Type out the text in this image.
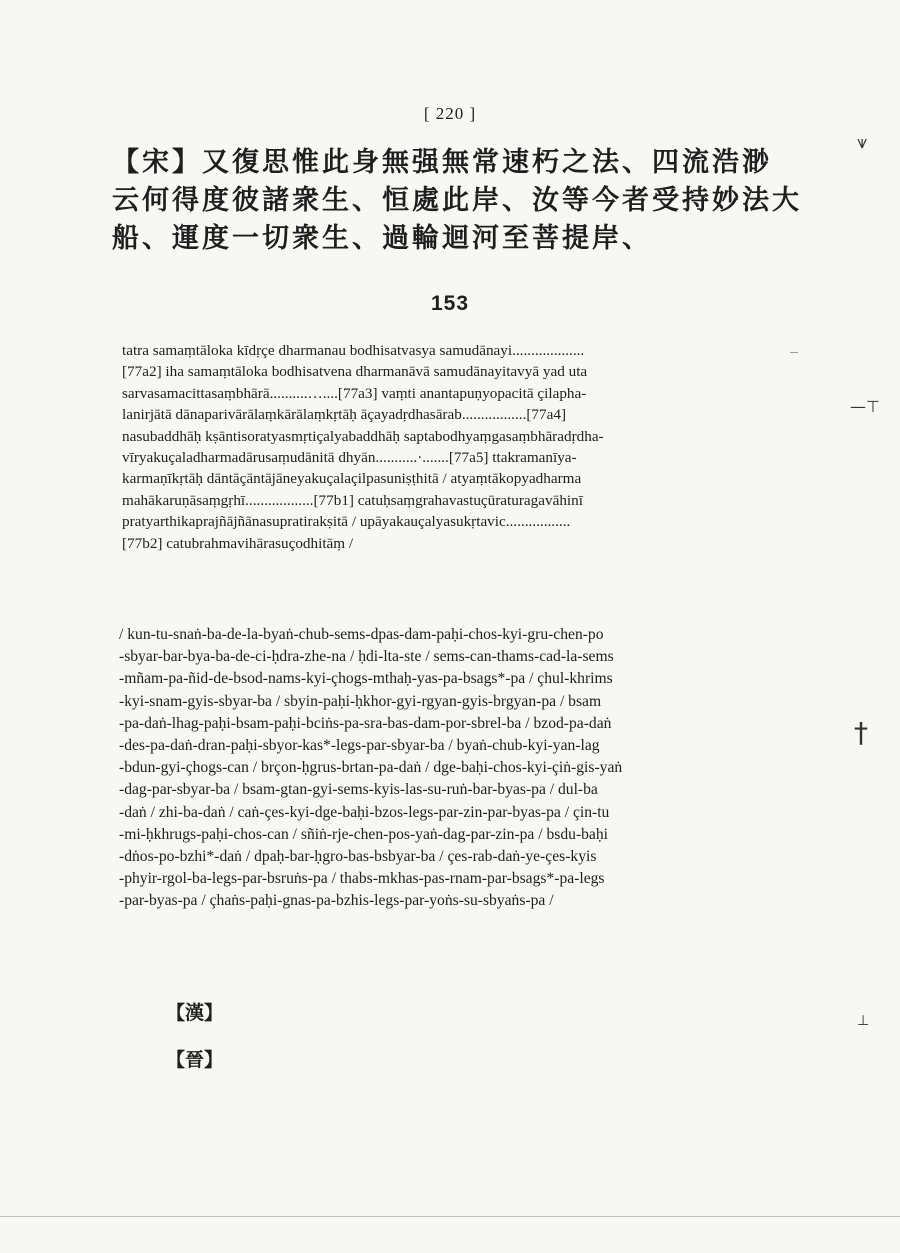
[ 220 ]
【宋】又復思惟此身無强無常速朽之法、四流浩渺
云何得度彼諸衆生、恒處此岸、汝等今者受持妙法大
船、運度一切衆生、過輪迴河至菩提岸、
153
tatra samaṃtāloka kīdṛçe dharmanau bodhisatvasya samudānayi...................
[77a2] iha samaṃtāloka bodhisatvena dharmanāvā samudānayitavyā yad uta
sarvasamacittasaṃbhārā..........…....[77a3] vaṃti anantapuṇyopacitā çilapha-
lanirjātā dānaparivārālaṃkārālaṃkṛtāḥ āçayadṛdhasārab.................[77a4]
nasubaddhāḥ kṣāntisoratyasmṛtiçalyabaddhāḥ saptabodhyaṃgasaṃbhāradṛdha-
vīryakuçaladharmadārusaṃudānitā dhyān...........·.......[77a5] ttakramanīya-
karmaṇīkṛtāḥ dāntāçāntājāneyakuçalaçilpasuniṣṭhitā / atyaṃtākopyadharma
mahākaruṇāsaṃgṛhī..................[77b1] catuḥsaṃgrahavastuçūraturagavāhinī
pratyarthikaprajñājñānasupratirakṣitā / upāyakauçalyasukṛtavic.................
[77b2] catubrahmavihārasuçodhitāṃ /
/ kun-tu-snaṅ-ba-de-la-byaṅ-chub-sems-dpas-dam-paḥi-chos-kyi-gru-chen-po
-sbyar-bar-bya-ba-de-ci-ḥdra-zhe-na / ḥdi-lta-ste / sems-can-thams-cad-la-sems
-mñam-pa-ñid-de-bsod-nams-kyi-çhogs-mthaḥ-yas-pa-bsags*-pa / çhul-khrims
-kyi-snam-gyis-sbyar-ba / sbyin-paḥi-ḥkhor-gyi-rgyan-gyis-brgyan-pa / bsam
-pa-daṅ-lhag-paḥi-bsam-paḥi-bciṅs-pa-sra-bas-dam-por-sbrel-ba / bzod-pa-daṅ
-des-pa-daṅ-dran-paḥi-sbyor-kas*-legs-par-sbyar-ba / byaṅ-chub-kyi-yan-lag
-bdun-gyi-çhogs-can / brçon-ḥgrus-brtan-pa-daṅ / dge-baḥi-chos-kyi-çiṅ-gis-yaṅ
-dag-par-sbyar-ba / bsam-gtan-gyi-sems-kyis-las-su-ruṅ-bar-byas-pa / dul-ba
-daṅ / zhi-ba-daṅ / caṅ-çes-kyi-dge-baḥi-bzos-legs-par-zin-par-byas-pa / çin-tu
-mi-ḥkhrugs-paḥi-chos-can / sñiṅ-rje-chen-pos-yaṅ-dag-par-zin-pa / bsdu-baḥi
-dṅos-po-bzhi*-daṅ / dpaḥ-bar-ḥgro-bas-bsbyar-ba / çes-rab-daṅ-ye-çes-kyis
-phyir-rgol-ba-legs-par-bsruṅs-pa / thabs-mkhas-pas-rnam-par-bsags*-pa-legs
-par-byas-pa / çhaṅs-paḥi-gnas-pa-bzhis-legs-par-yoṅs-su-sbyaṅs-pa /
【漢】
【晉】
⩛
—⊤
†
⊥
